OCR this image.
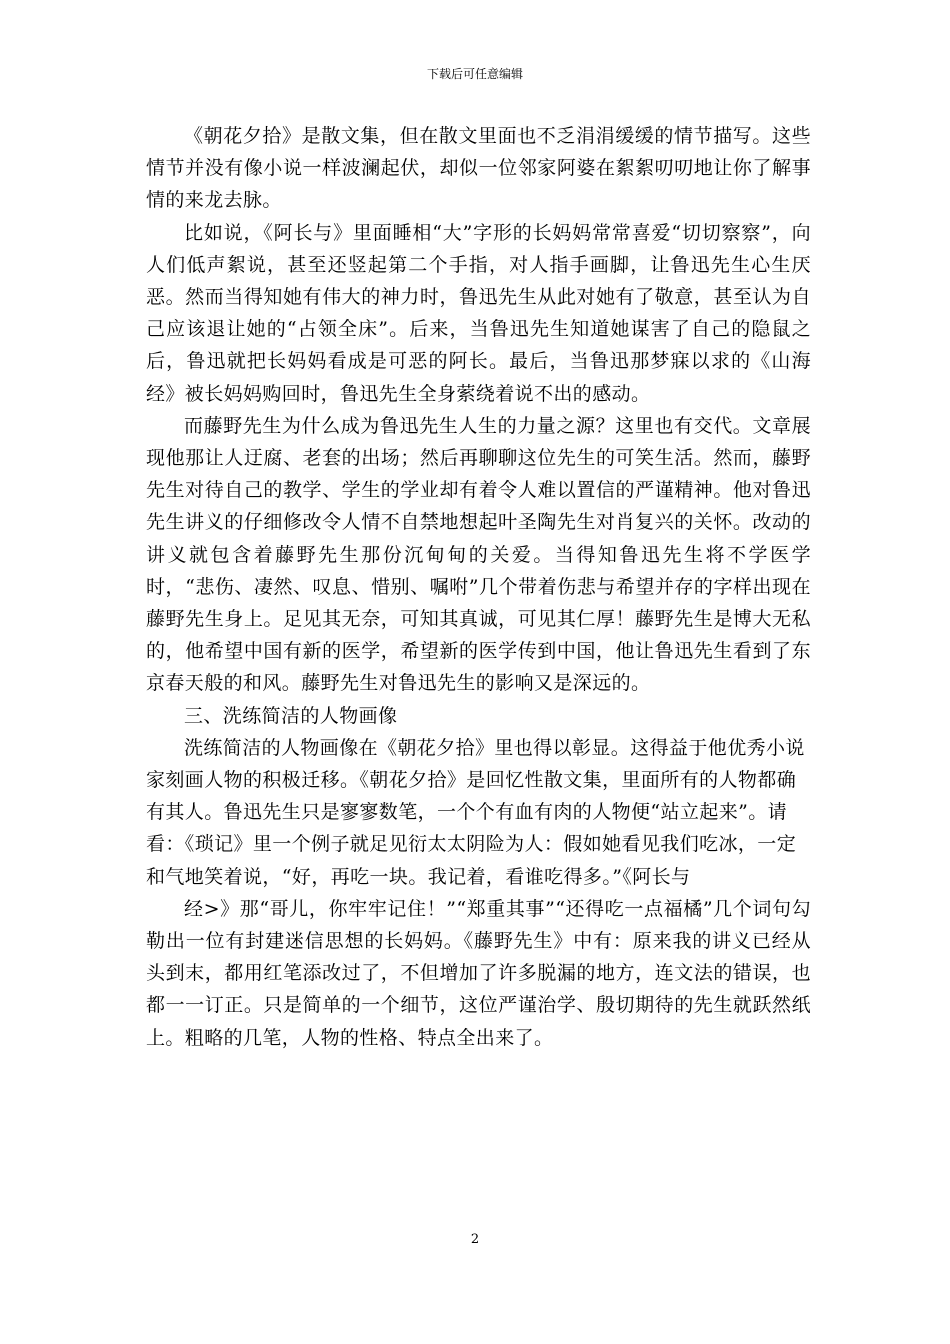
下载后可任意编辑

《朝花夕拾》是散文集，但在散文里面也不乏涓涓缓缓的情节描写。这些情节并没有像小说一样波澜起伏，却似一位邻家阿婆在絮絮叨叨地让你了解事情的来龙去脉。

比如说，《阿长与》里面睡相“大”字形的长妈妈常常喜爱“切切察察”，向人们低声絮说，甚至还竖起第二个手指，对人指手画脚，让鲁迅先生心生厌恶。然而当得知她有伟大的神力时，鲁迅先生从此对她有了敬意，甚至认为自己应该退让她的“占领全床”。后来，当鲁迅先生知道她谋害了自己的隐鼠之后，鲁迅就把长妈妈看成是可恶的阿长。最后，当鲁迅那梦寐以求的《山海经》被长妈妈购回时，鲁迅先生全身萦绕着说不出的感动。

而藤野先生为什么成为鲁迅先生人生的力量之源？这里也有交代。文章展现他那让人迂腐、老套的出场；然后再聊聊这位先生的可笑生活。然而，藤野先生对待自己的教学、学生的学业却有着令人难以置信的严谨精神。他对鲁迅先生讲义的仔细修改令人情不自禁地想起叶圣陶先生对肖复兴的关怀。改动的讲义就包含着藤野先生那份沉甸甸的关爱。当得知鲁迅先生将不学医学时，“悲伤、凄然、叹息、惜别、嘱咐”几个带着伤悲与希望并存的字样出现在藤野先生身上。足见其无奈，可知其真诚，可见其仁厚！藤野先生是博大无私的，他希望中国有新的医学，希望新的医学传到中国，他让鲁迅先生看到了东京春天般的和风。藤野先生对鲁迅先生的影响又是深远的。

三、洗练简洁的人物画像

洗练简洁的人物画像在《朝花夕拾》里也得以彰显。这得益于他优秀小说家刻画人物的积极迁移。《朝花夕拾》是回忆性散文集，里面所有的人物都确有其人。鲁迅先生只是寥寥数笔，一个个有血有肉的人物便“站立起来”。请看：《琐记》里一个例子就足见衍太太阴险为人：假如她看见我们吃冰，一定和气地笑着说，“好，再吃一块。我记着，看谁吃得多。”《阿长与

经>》那“哥儿，你牢牢记住！”“郑重其事”“还得吃一点福橘”几个词句勾勒出一位有封建迷信思想的长妈妈。《藤野先生》中有：原来我的讲义已经从头到末，都用红笔添改过了，不但增加了许多脱漏的地方，连文法的错误，也都一一订正。只是简单的一个细节，这位严谨治学、殷切期待的先生就跃然纸上。粗略的几笔，人物的性格、特点全出来了。

2
